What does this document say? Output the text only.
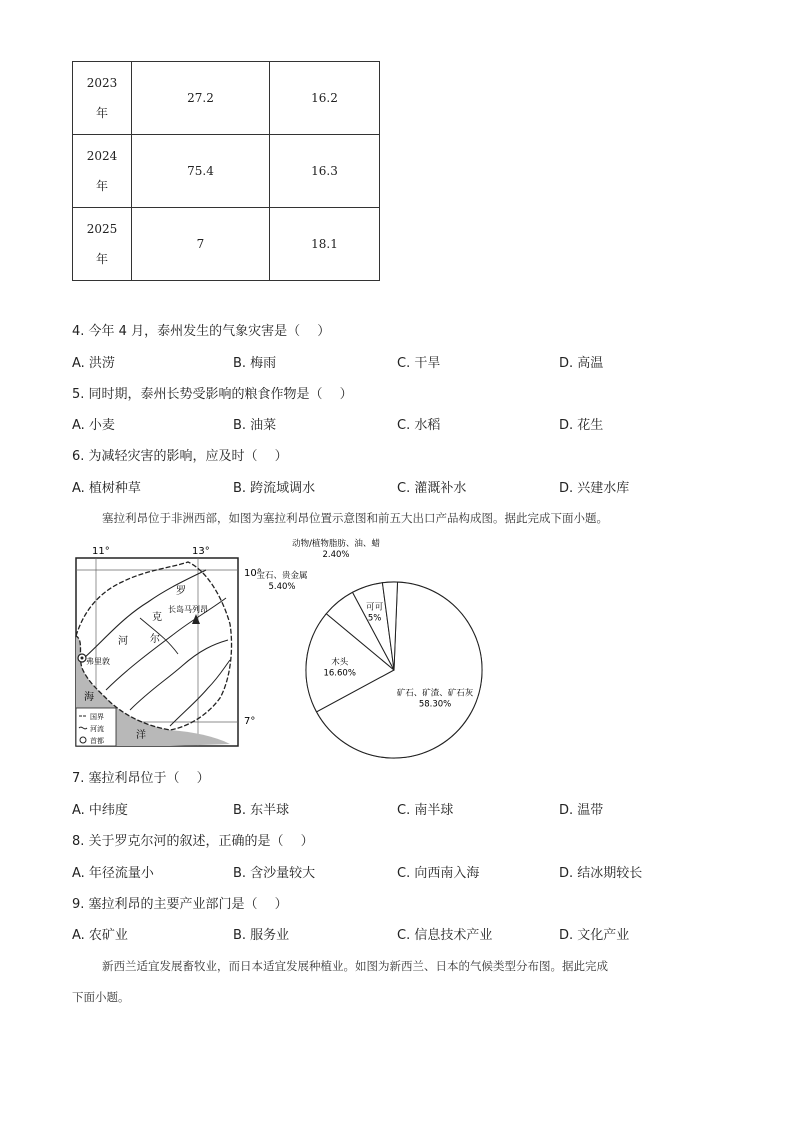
2023
年	27.2	16.2
2024
年	75.4	16.3
2025
年	7	18.1
4. 今年 4 月，泰州发生的气象灾害是（　 ）
A. 洪涝	B. 梅雨	C. 干旱	D. 高温
5. 同时期，泰州长势受影响的粮食作物是（　 ）
A. 小麦	B. 油菜	C. 水稻	D. 花生
6. 为减轻灾害的影响，应及时（　 ）
A. 植树种草	B. 跨流域调水	C. 灌溉补水	D. 兴建水库
塞拉利昂位于非洲西部，如图为塞拉利昂位置示意图和前五大出口产品构成图。据此完成下面小题。
11°	13°
10°
7°
罗
克
尔
河
长岛马列昂
弗里敦
海
洋
国界
河流
首都
矿石、矿渣、矿石灰
58.30%
木头
16.60%
宝石、贵金属
5.40%
可可
5%
动物/植物脂肪、油、蜡
2.40%
7. 塞拉利昂位于（　 ）
A. 中纬度	B. 东半球	C. 南半球	D. 温带
8. 关于罗克尔河的叙述，正确的是（　 ）
A. 年径流量小	B. 含沙量较大	C. 向西南入海	D. 结冰期较长
9. 塞拉利昂的主要产业部门是（　 ）
A. 农矿业	B. 服务业	C. 信息技术产业	D. 文化产业
新西兰适宜发展畜牧业，而日本适宜发展种植业。如图为新西兰、日本的气候类型分布图。据此完成
下面小题。
